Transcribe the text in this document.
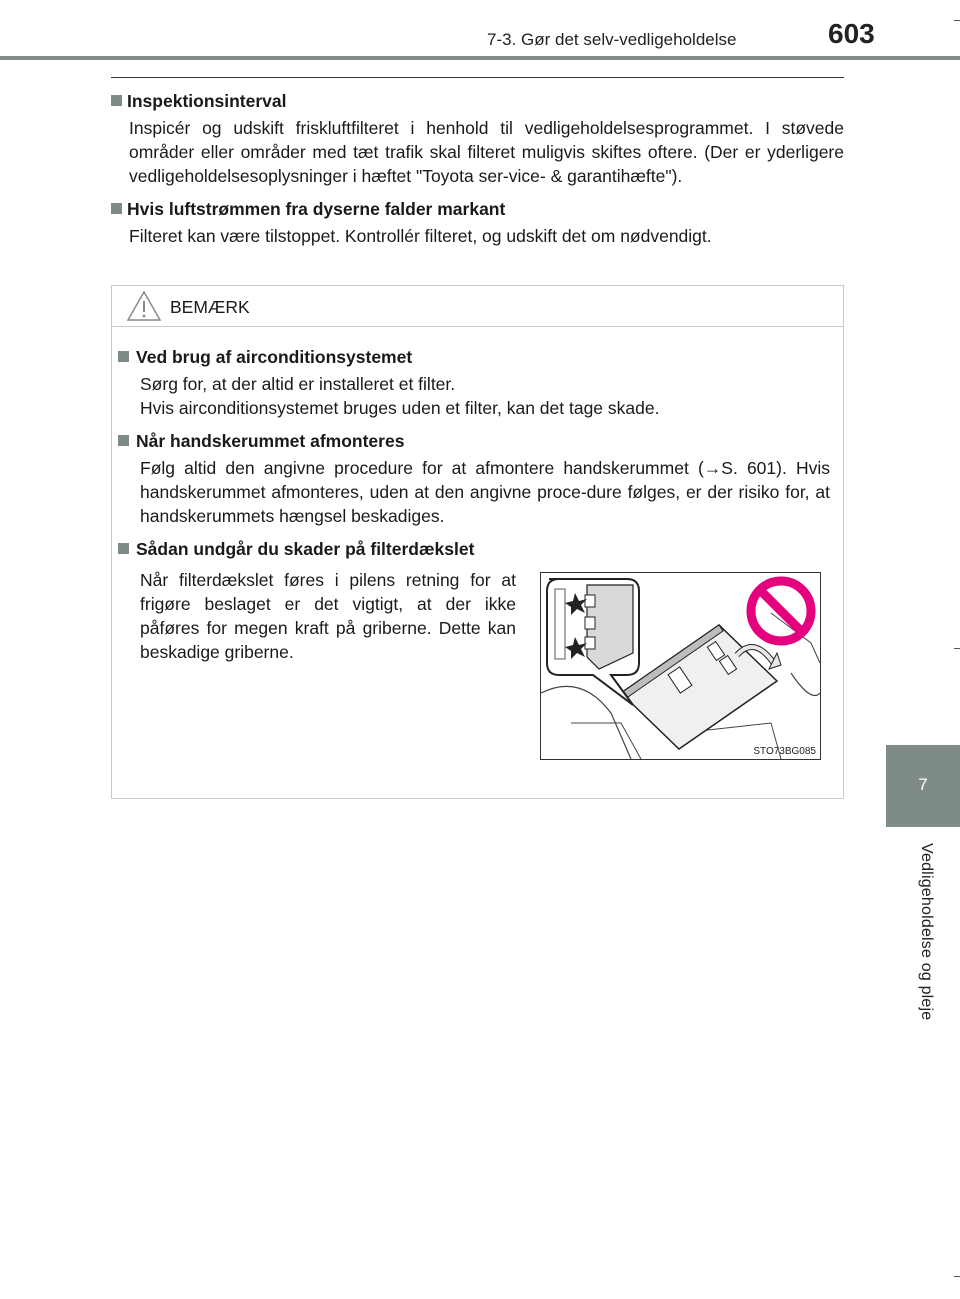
7-3. Gør det selv-vedligeholdelse	603
7
Vedligeholdelse og pleje

Inspektionsinterval

Inspicér og udskift friskluftfilteret i henhold til vedligeholdelsesprogrammet. I støvede områder eller områder med tæt trafik skal filteret muligvis skiftes oftere. (Der er yderligere vedligeholdelsesoplysninger i hæftet "Toyota ser-vice- & garantihæfte").

Hvis luftstrømmen fra dyserne falder markant

Filteret kan være tilstoppet. Kontrollér filteret, og udskift det om nødvendigt.

BEMÆRK

Ved brug af airconditionsystemet

Sørg for, at der altid er installeret et filter.
Hvis airconditionsystemet bruges uden et filter, kan det tage skade.

Når handskerummet afmonteres

Følg altid den angivne procedure for at afmontere handskerummet (→S. 601). Hvis handskerummet afmonteres, uden at den angivne proce-dure følges, er der risiko for, at handskerummets hængsel beskadiges.

Sådan undgår du skader på filterdækslet

Når filterdækslet føres i pilens retning for at frigøre beslaget er det vigtigt, at der ikke påføres for megen kraft på griberne. Dette kan beskadige griberne.
STO73BG085
